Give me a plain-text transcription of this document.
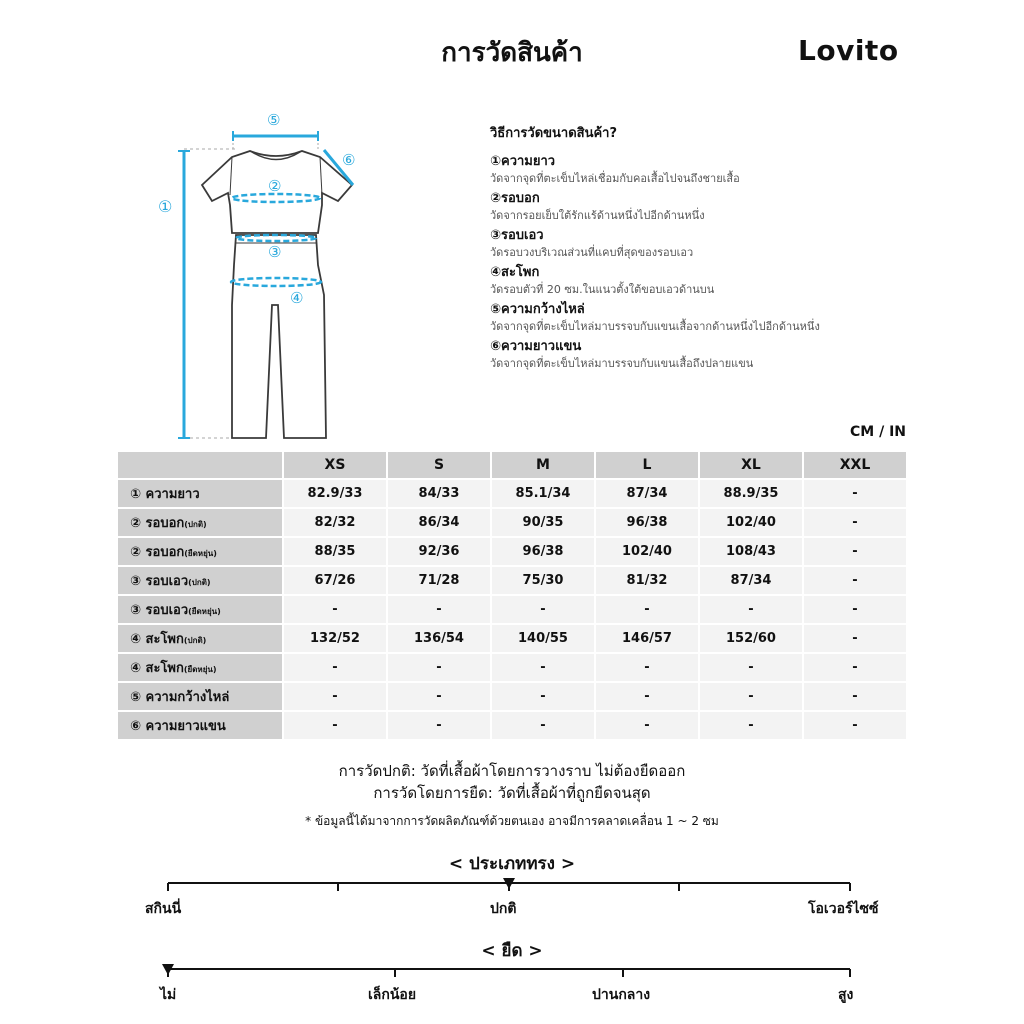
การวัดสินค้า	Lovito
①
②
③
④
⑤
⑥
วิธีการวัดขนาดสินค้า?
①ความยาว
วัดจากจุดที่ตะเข็บไหล่เชื่อมกับคอเสื้อไปจนถึงชายเสื้อ
②รอบอก
วัดจากรอยเย็บใต้รักแร้ด้านหนึ่งไปอีกด้านหนึ่ง
③รอบเอว
วัดรอบวงบริเวณส่วนที่แคบที่สุดของรอบเอว
④สะโพก
วัดรอบตัวที่ 20 ซม.ในแนวตั้งใต้ขอบเอวด้านบน
⑤ความกว้างไหล่
วัดจากจุดที่ตะเข็บไหล่มาบรรจบกับแขนเสื้อจากด้านหนึ่งไปอีกด้านหนึ่ง
⑥ความยาวแขน
วัดจากจุดที่ตะเข็บไหล่มาบรรจบกับแขนเสื้อถึงปลายแขน
CM / IN
	XS	S	M	L	XL	XXL
① ความยาว	82.9/33	84/33	85.1/34	87/34	88.9/35	-
② รอบอก(ปกติ)	82/32	86/34	90/35	96/38	102/40	-
② รอบอก(ยืดหยุ่น)	88/35	92/36	96/38	102/40	108/43	-
③ รอบเอว(ปกติ)	67/26	71/28	75/30	81/32	87/34	-
③ รอบเอว(ยืดหยุ่น)	-	-	-	-	-	-
④ สะโพก(ปกติ)	132/52	136/54	140/55	146/57	152/60	-
④ สะโพก(ยืดหยุ่น)	-	-	-	-	-	-
⑤ ความกว้างไหล่	-	-	-	-	-	-
⑥ ความยาวแขน	-	-	-	-	-	-
การวัดปกติ: วัดที่เสื้อผ้าโดยการวางราบ ไม่ต้องยืดออก
การวัดโดยการยืด: วัดที่เสื้อผ้าที่ถูกยืดจนสุด
* ข้อมูลนี้ได้มาจากการวัดผลิตภัณฑ์ด้วยตนเอง อาจมีการคลาดเคลื่อน 1 ~ 2 ซม
< ประเภททรง >
สกินนี่	ปกติ	โอเวอร์ไซซ์
< ยืด >
ไม่	เล็กน้อย	ปานกลาง	สูง
